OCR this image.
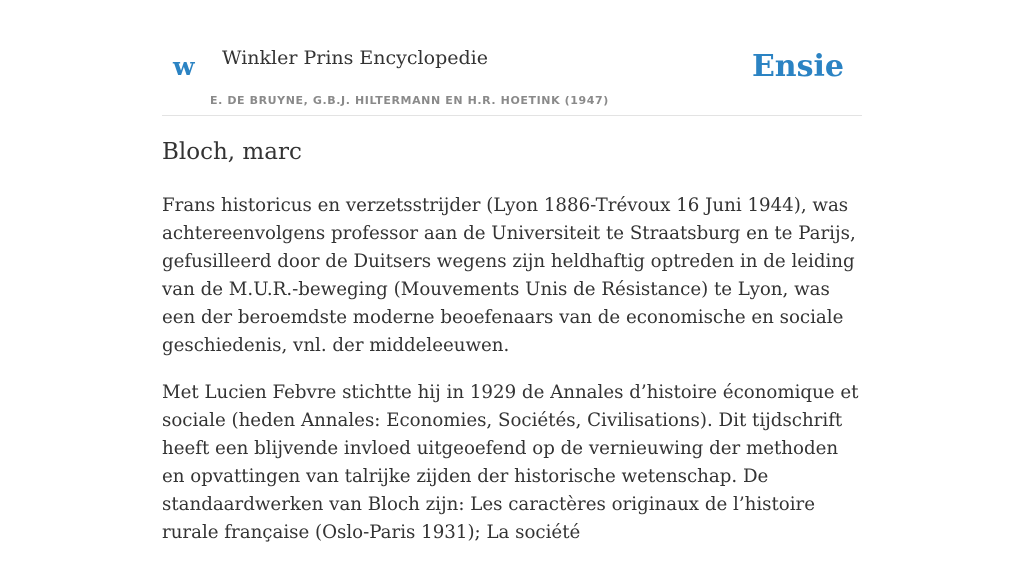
w Winkler Prins Encyclopedie
E. DE BRUYNE, G.B.J. HILTERMANN EN H.R. HOETINK (1947)
Ensie
Bloch, marc

Frans historicus en verzetsstrijder (Lyon 1886-Trévoux 16 Juni 1944), was achtereenvolgens professor aan de Universiteit te Straatsburg en te Parijs, gefusilleerd door de Duitsers wegens zijn heldhaftig optreden in de leiding van de M.U.R.-beweging (Mouvements Unis de Résistance) te Lyon, was een der beroemdste moderne beoefenaars van de economische en sociale geschiedenis, vnl. der middeleeuwen.

Met Lucien Febvre stichtte hij in 1929 de Annales d’histoire économique et sociale (heden Annales: Economies, Sociétés, Civilisations). Dit tijdschrift heeft een blijvende invloed uitgeoefend op de vernieuwing der methoden en opvattingen van talrijke zijden der historische wetenschap. De standaardwerken van Bloch zijn: Les caractères originaux de l’histoire rurale française (Oslo-Paris 1931); La société
